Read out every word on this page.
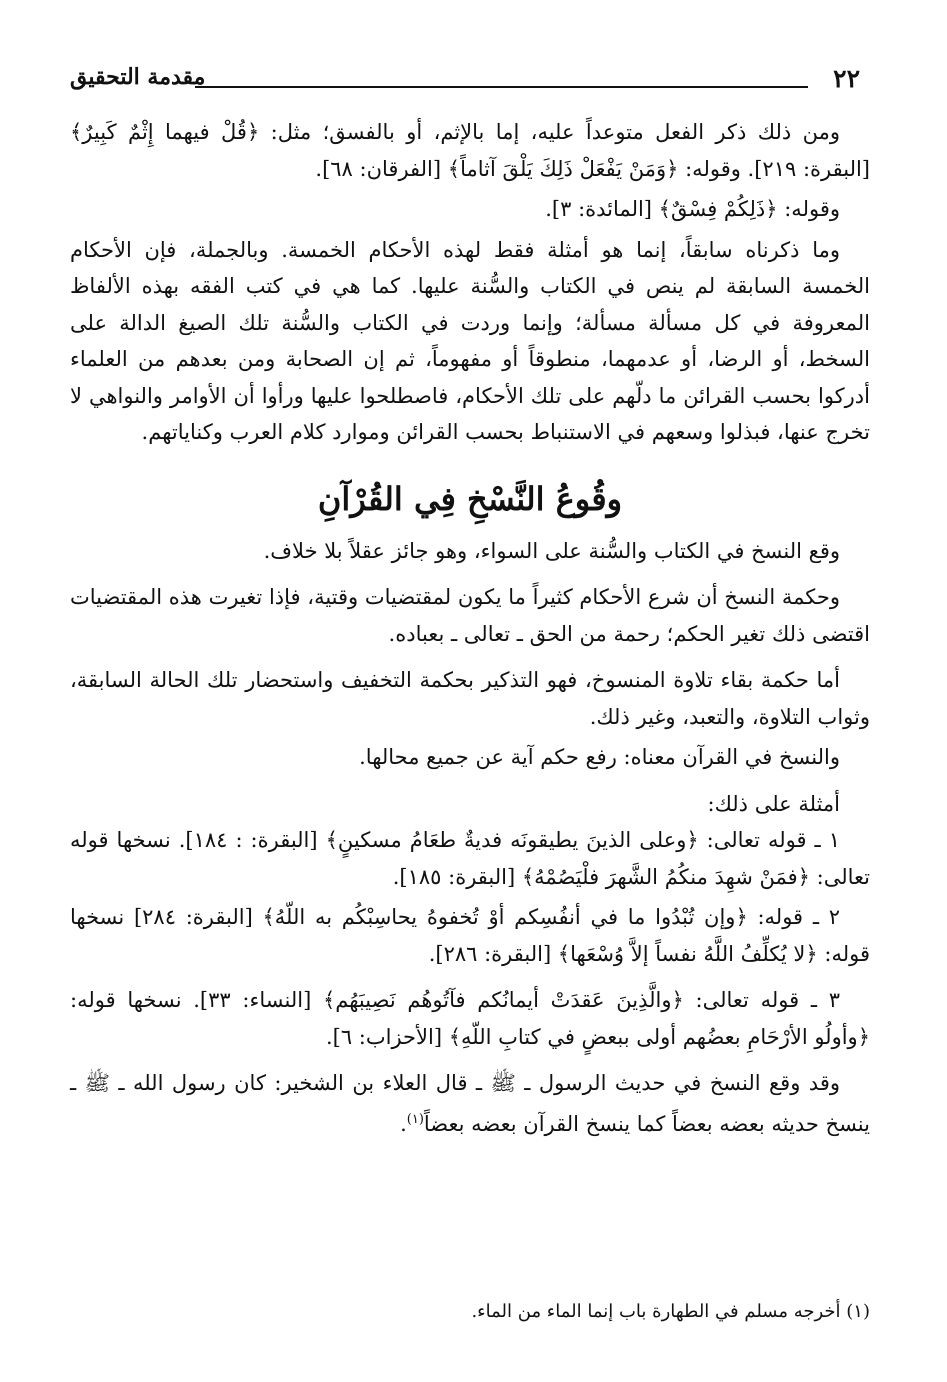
٢٢
مقدمة التحقيق

ومن ذلك ذكر الفعل متوعداً عليه، إما بالإثم، أو بالفسق؛ مثل: ﴿قُلْ فيهما إِثْمٌ كَبِيرٌ﴾ [البقرة: ٢١٩]. وقوله: ﴿وَمَنْ يَفْعَلْ ذَلِكَ يَلْقَ آثاماً﴾ [الفرقان: ٦٨].

وقوله: ﴿ذَلِكُمْ فِسْقٌ﴾ [المائدة: ٣].

وما ذكرناه سابقاً، إنما هو أمثلة فقط لهذه الأحكام الخمسة. وبالجملة، فإن الأحكام الخمسة السابقة لم ينص في الكتاب والسُّنة عليها. كما هي في كتب الفقه بهذه الألفاظ المعروفة في كل مسألة مسألة؛ وإنما وردت في الكتاب والسُّنة تلك الصيغ الدالة على السخط، أو الرضا، أو عدمهما، منطوقاً أو مفهوماً، ثم إن الصحابة ومن بعدهم من العلماء أدركوا بحسب القرائن ما دلّهم على تلك الأحكام، فاصطلحوا عليها ورأوا أن الأوامر والنواهي لا تخرج عنها، فبذلوا وسعهم في الاستنباط بحسب القرائن وموارد كلام العرب وكناياتهم.

وقُوعُ النَّسْخِ فِي القُرْآنِ

وقع النسخ في الكتاب والسُّنة على السواء، وهو جائز عقلاً بلا خلاف.

وحكمة النسخ أن شرع الأحكام كثيراً ما يكون لمقتضيات وقتية، فإذا تغيرت هذه المقتضيات اقتضى ذلك تغير الحكم؛ رحمة من الحق ـ تعالى ـ بعباده.

أما حكمة بقاء تلاوة المنسوخ، فهو التذكير بحكمة التخفيف واستحضار تلك الحالة السابقة، وثواب التلاوة، والتعبد، وغير ذلك.

والنسخ في القرآن معناه: رفع حكم آية عن جميع محالها.

أمثلة على ذلك:

١ ـ قوله تعالى: ﴿وعلى الذينَ يطيقونَه فديةٌ طعَامُ مسكينٍ﴾ [البقرة: : ١٨٤]. نسخها قوله تعالى: ﴿فمَنْ شهِدَ منكُمُ الشَّهرَ فلْيَصُمْهُ﴾ [البقرة: ١٨٥].

٢ ـ قوله: ﴿وإن تُبْدُوا ما في أنفُسِكم أوْ تُخفوهُ يحاسِبْكُم به اللّهُ﴾ [البقرة: ٢٨٤] نسخها قوله: ﴿لا يُكلِّفُ اللَّهُ نفساً إلاَّ وُسْعَها﴾ [البقرة: ٢٨٦].

٣ ـ قوله تعالى: ﴿والَّذِينَ عَقدَتْ أيمانُكم فآتُوهُم نَصِيبَهُم﴾ [النساء: ٣٣]. نسخها قوله: ﴿وأولُو الأرْحَامِ بعضُهم أولى ببعضٍ في كتابِ اللّهِ﴾ [الأحزاب: ٦].

وقد وقع النسخ في حديث الرسول ـ ﷺ ـ قال العلاء بن الشخير: كان رسول الله ـ ﷺ ـ ينسخ حديثه بعضه بعضاً كما ينسخ القرآن بعضه بعضاً$^{(١)}$.

(١) أخرجه مسلم في الطهارة باب إنما الماء من الماء.
